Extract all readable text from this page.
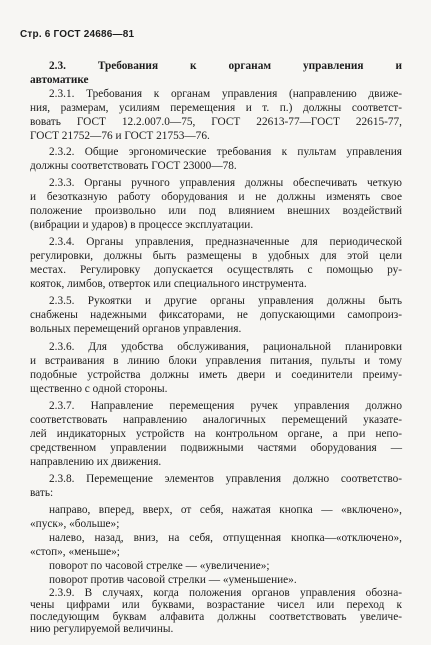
Стр. 6 ГОСТ 24686—81
2.3. Требования к органам управления и
автоматике
2.3.1. Требования к органам управления (направлению движе-
ния, размерам, усилиям перемещения и т. п.) должны соответст-
вовать ГОСТ 12.2.007.0—75, ГОСТ 22613-77—ГОСТ 22615-77,
ГОСТ 21752—76 и ГОСТ 21753—76.
2.3.2. Общие эргономические требования к пультам управления
должны соответствовать ГОСТ 23000—78.
2.3.3. Органы ручного управления должны обеспечивать четкую
и безотказную работу оборудования и не должны изменять свое
положение произвольно или под влиянием внешних воздействий
(вибрации и ударов) в процессе эксплуатации.
2.3.4. Органы управления, предназначенные для периодической
регулировки, должны быть размещены в удобных для этой цели
местах. Регулировку допускается осуществлять с помощью ру-
кояток, лимбов, отверток или специального инструмента.
2.3.5. Рукоятки и другие органы управления должны быть
снабжены надежными фиксаторами, не допускающими самопроиз-
вольных перемещений органов управления.
2.3.6. Для удобства обслуживания, рациональной планировки
и встраивания в линию блоки управления питания, пульты и тому
подобные устройства должны иметь двери и соединители преиму-
щественно с одной стороны.
2.3.7. Направление перемещения ручек управления должно
соответствовать направлению аналогичных перемещений указате-
лей индикаторных устройств на контрольном органе, а при непо-
средственном управлении подвижными частями оборудования —
направлению их движения.
2.3.8. Перемещение элементов управления должно соответство-
вать:
направо, вперед, вверх, от себя, нажатая кнопка — «включено»,
«пуск», «больше»;
налево, назад, вниз, на себя, отпущенная кнопка—«отключено»,
«стоп», «меньше»;
поворот по часовой стрелке — «увеличение»;
поворот против часовой стрелки — «уменьшение».
2.3.9. В случаях, когда положения органов управления обозна-
чены цифрами или буквами, возрастание чисел или переход к
последующим буквам алфавита должны соответствовать увеличе-
нию регулируемой величины.
